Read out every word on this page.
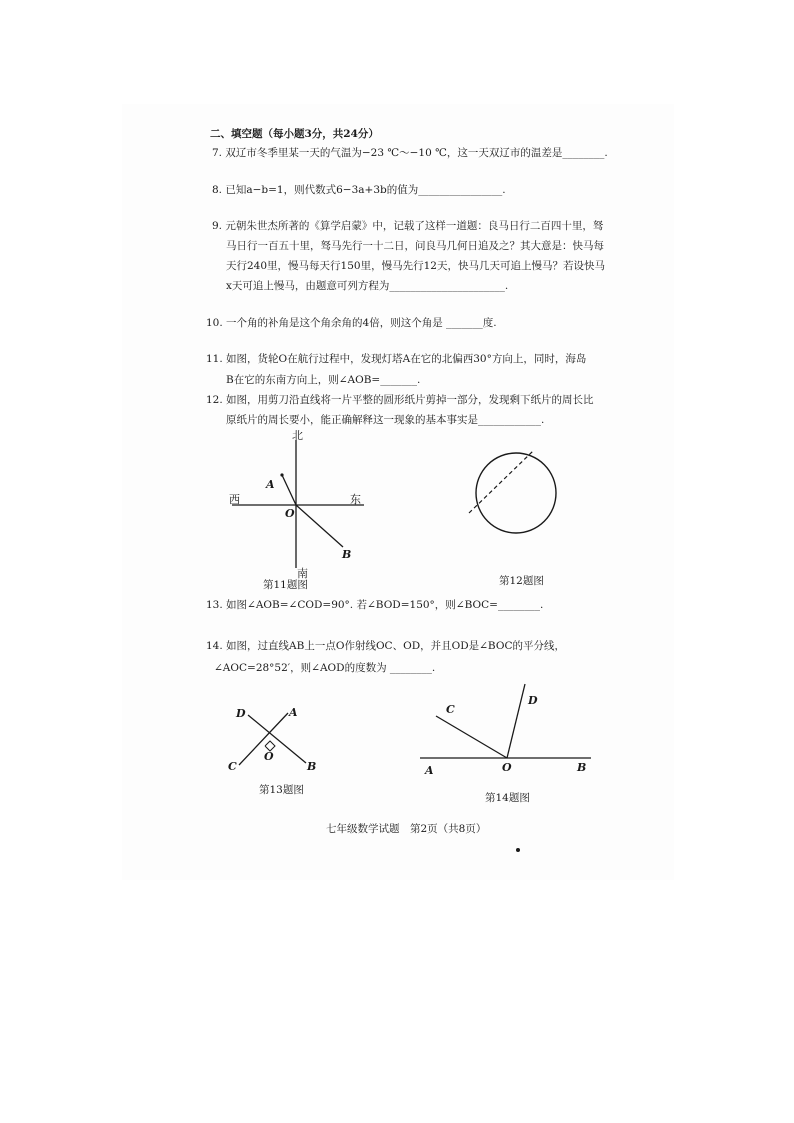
二、填空题（每小题3分，共24分）
7. 双辽市冬季里某一天的气温为−23 ℃～−10 ℃，这一天双辽市的温差是________.
8. 已知a−b=1，则代数式6−3a+3b的值为________________.
9. 元朝朱世杰所著的《算学启蒙》中，记载了这样一道题：良马日行二百四十里，驽
马日行一百五十里，驽马先行一十二日，问良马几何日追及之？其大意是：快马每
天行240里，慢马每天行150里，慢马先行12天，快马几天可追上慢马？若设快马
x天可追上慢马，由题意可列方程为______________________.
10. 一个角的补角是这个角余角的4倍，则这个角是 _______度.
11. 如图，货轮O在航行过程中，发现灯塔A在它的北偏西30°方向上，同时，海岛
B在它的东南方向上，则∠AOB=_______.
12. 如图，用剪刀沿直线将一片平整的圆形纸片剪掉一部分，发现剩下纸片的周长比
原纸片的周长要小，能正确解释这一现象的基本事实是____________.
北
南
西	东
A
O
B
第11题图	第12题图
13. 如图∠AOB=∠COD=90°. 若∠BOD=150°，则∠BOC=________.
14. 如图，过直线AB上一点O作射线OC、OD，并且OD是∠BOC的平分线，
∠AOC=28°52′，则∠AOD的度数为 ________.
D	A
O
C	B
第13题图
C
D
A	O	B
第14题图
七年级数学试题　第2页（共8页）
